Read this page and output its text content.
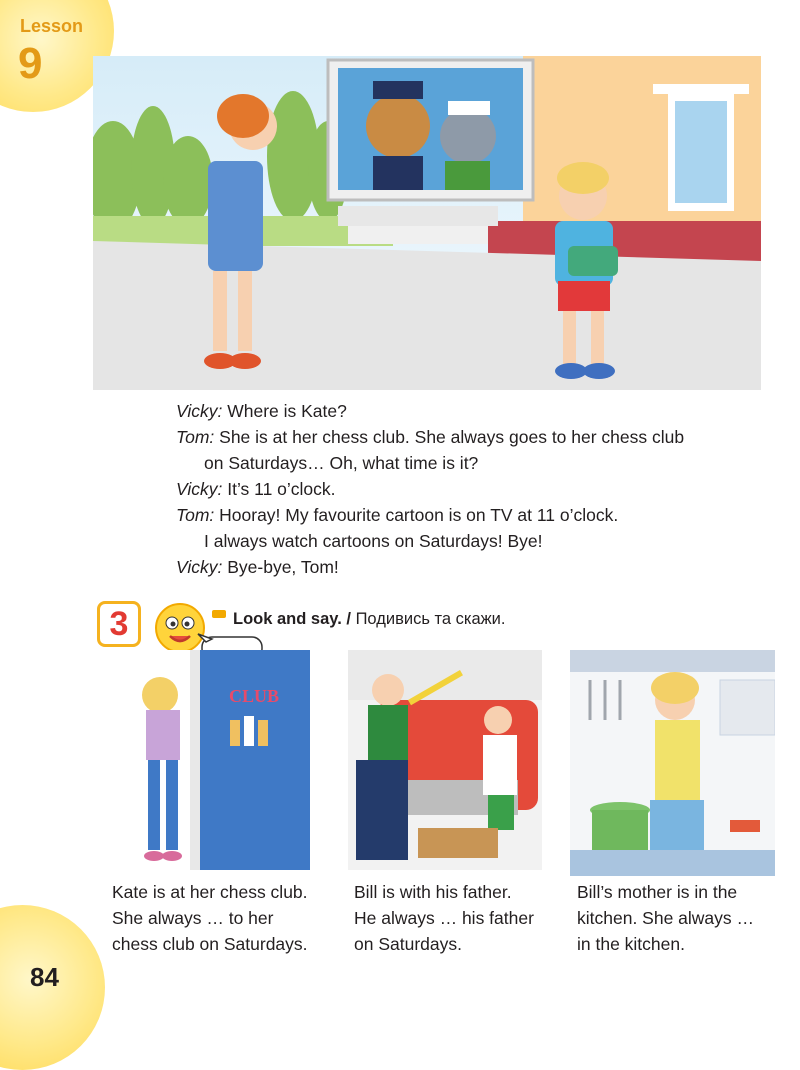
Lesson
9
Vicky: Where is Kate?
Tom: She is at her chess club. She always goes to her chess club
on Saturdays… Oh, what time is it?
Vicky: It’s 11 o’clock.
Tom: Hooray! My favourite cartoon is on TV at 11 o’clock.
I always watch cartoons on Saturdays! Bye!
Vicky: Bye-bye, Tom!
3	Look and say. / Подивись та скажи.
CLUB
Kate is at her chess club.
She always … to her
chess club on Saturdays.
Bill is with his father.
He always … his father
on Saturdays.
Bill’s mother is in the
kitchen. She always …
in the kitchen.
84
